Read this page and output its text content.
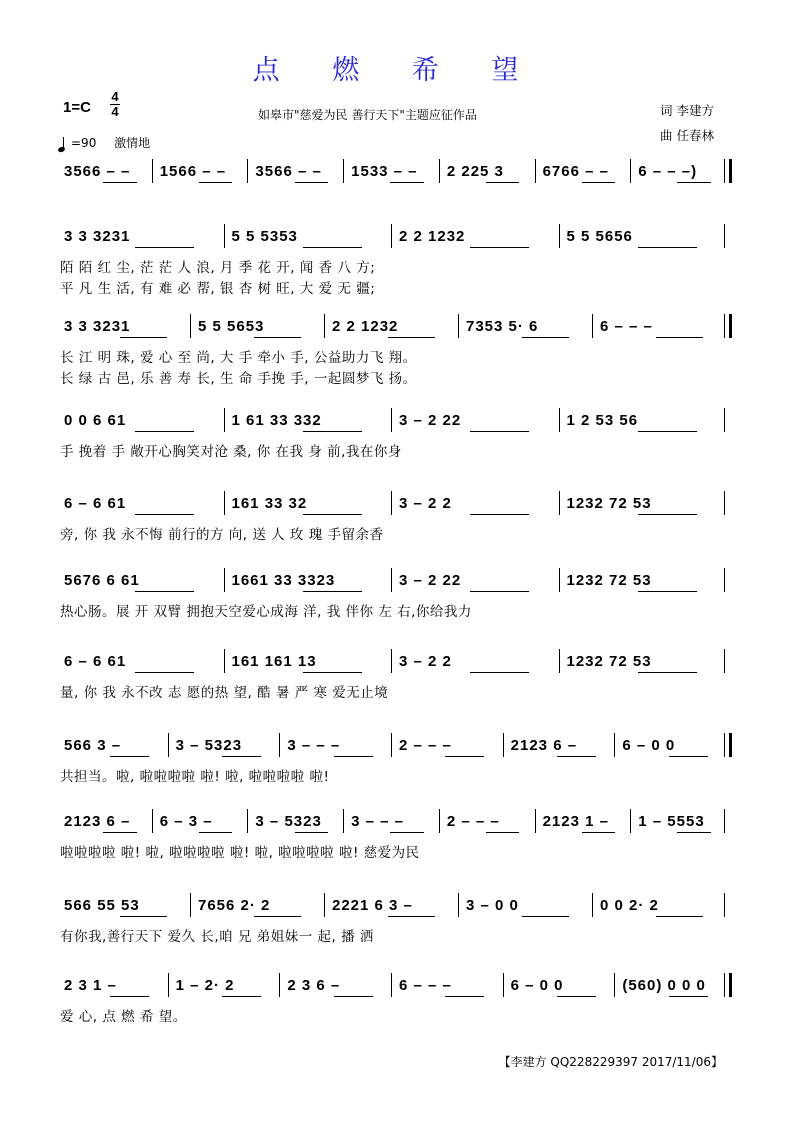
点 燃 希 望
1=C
4
4	如皋市"慈爱为民 善行天下"主题应征作品	词 李建方
曲 任春林
=90 激情地
3566 – – 1566 – – 3566 – – 1533 – – 2 225 3	6766 – – 6 – – –)
3 3 3231	5 5 5353	2 2 1232	5 5 5656
陌 陌 红 尘, 茫 茫 人 浪, 月 季 花 开, 闻 香 八 方;
平 凡 生 活, 有 难 必 帮, 银 杏 树 旺, 大 爱 无 疆;
3 3 3231	5 5 5653	2 2 1232	7353 5· 6	6 – – –
长 江 明 珠, 爱 心 至 尚, 大 手 牵小 手, 公益助力飞 翔。
长 绿 古 邑, 乐 善 寿 长, 生 命 手挽 手, 一起圆梦飞 扬。
0 0 6 61	1 61 33 332	3 – 2 22	1 2 53 56
手 挽着 手 敞开心胸笑对沧 桑, 你 在我 身 前,我在你身
6 – 6 61	161 33 32	3 – 2 2	1232 72 53
旁, 你 我 永不悔 前行的方 向, 送 人 玫 瑰 手留余香
5676 6 61	1661 33 3323	3 – 2 22	1232 72 53
热心肠。展 开 双臂 拥抱天空爱心成海 洋, 我 伴你 左 右,你给我力
6 – 6 61	161 161 13	3 – 2 2	1232 72 53
量, 你 我 永不改 志 愿的热 望, 酷 暑 严 寒 爱无止境
566 3 –	3 – 5323	3 – – –	2 – – –	2123 6 –	6 – 0 0
共担当。啦, 啦啦啦啦 啦! 啦, 啦啦啦啦 啦!
2123 6 – 6 – 3 –	3 – 5323 3 – – –	2 – – –	2123 1 – 1 – 5553
啦啦啦啦 啦! 啦, 啦啦啦啦 啦! 啦, 啦啦啦啦 啦! 慈爱为民
566 55 53	7656 2· 2	2221 6 3 –	3 – 0 0	0 0 2· 2
有你我,善行天下 爱久 长,咱 兄 弟姐妹一 起, 播 洒
2 3 1 –	1 – 2· 2	2 3 6 –	6 – – –	6 – 0 0	(560) 0 0 0
爱 心, 点 燃 希 望。
【李建方 QQ228229397 2017/11/06】
